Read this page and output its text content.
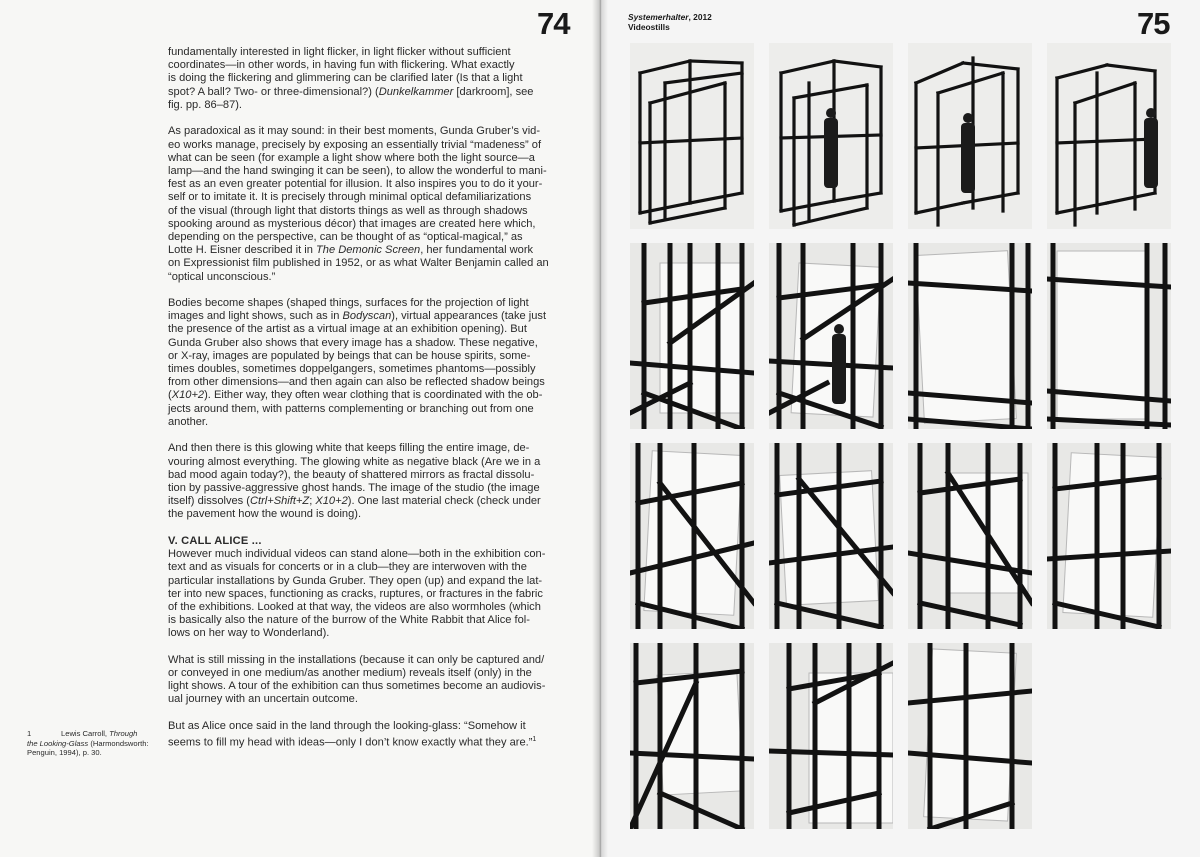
74

fundamentally interested in light flicker, in light flicker without sufficient
coordinates—in other words, in having fun with flickering. What exactly
is doing the flickering and glimmering can be clarified later (Is that a light
spot? A ball? Two- or three-dimensional?) (Dunkelkammer [darkroom], see
fig. pp. 86–87).

As paradoxical as it may sound: in their best moments, Gunda Gruber’s vid-
eo works manage, precisely by exposing an essentially trivial “madeness” of
what can be seen (for example a light show where both the light source—a
lamp—and the hand swinging it can be seen), to allow the wonderful to mani-
fest as an even greater potential for illusion. It also inspires you to do it your-
self or to imitate it. It is precisely through minimal optical defamiliarizations
of the visual (through light that distorts things as well as through shadows
spooking around as mysterious décor) that images are created here which,
depending on the perspective, can be thought of as “optical-magical,” as
Lotte H. Eisner described it in The Demonic Screen, her fundamental work
on Expressionist film published in 1952, or as what Walter Benjamin called an
“optical unconscious.”

Bodies become shapes (shaped things, surfaces for the projection of light
images and light shows, such as in Bodyscan), virtual appearances (take just
the presence of the artist as a virtual image at an exhibition opening). But
Gunda Gruber also shows that every image has a shadow. These negative,
or X-ray, images are populated by beings that can be house spirits, some-
times doubles, sometimes doppelgangers, sometimes phantoms—possibly
from other dimensions—and then again can also be reflected shadow beings
(X10+2). Either way, they often wear clothing that is coordinated with the ob-
jects around them, with patterns complementing or branching out from one
another.

And then there is this glowing white that keeps filling the entire image, de-
vouring almost everything. The glowing white as negative black (Are we in a
bad mood again today?), the beauty of shattered mirrors as fractal dissolu-
tion by passive-aggressive ghost hands. The image of the studio (the image
itself) dissolves (Ctrl+Shift+Z; X10+2). One last material check (check under
the pavement how the wound is doing).

V. CALL ALICE ...
However much individual videos can stand alone—both in the exhibition con-
text and as visuals for concerts or in a club—they are interwoven with the
particular installations by Gunda Gruber. They open (up) and expand the lat-
ter into new spaces, functioning as cracks, ruptures, or fractures in the fabric
of the exhibitions. Looked at that way, the videos are also wormholes (which
is basically also the nature of the burrow of the White Rabbit that Alice fol-
lows on her way to Wonderland).

What is still missing in the installations (because it can only be captured and/
or conveyed in one medium/as another medium) reveals itself (only) in the
light shows. A tour of the exhibition can thus sometimes become an audiovis-
ual journey with an uncertain outcome.

But as Alice once said in the land through the looking-glass: “Somehow it
seems to fill my head with ideas—only I don’t know exactly what they are.”$^1$

1	Lewis Carroll, Through
the Looking-Glass (Harmondsworth:
Penguin, 1994), p. 30.
Systemerhalter, 2012
Videostills	75
